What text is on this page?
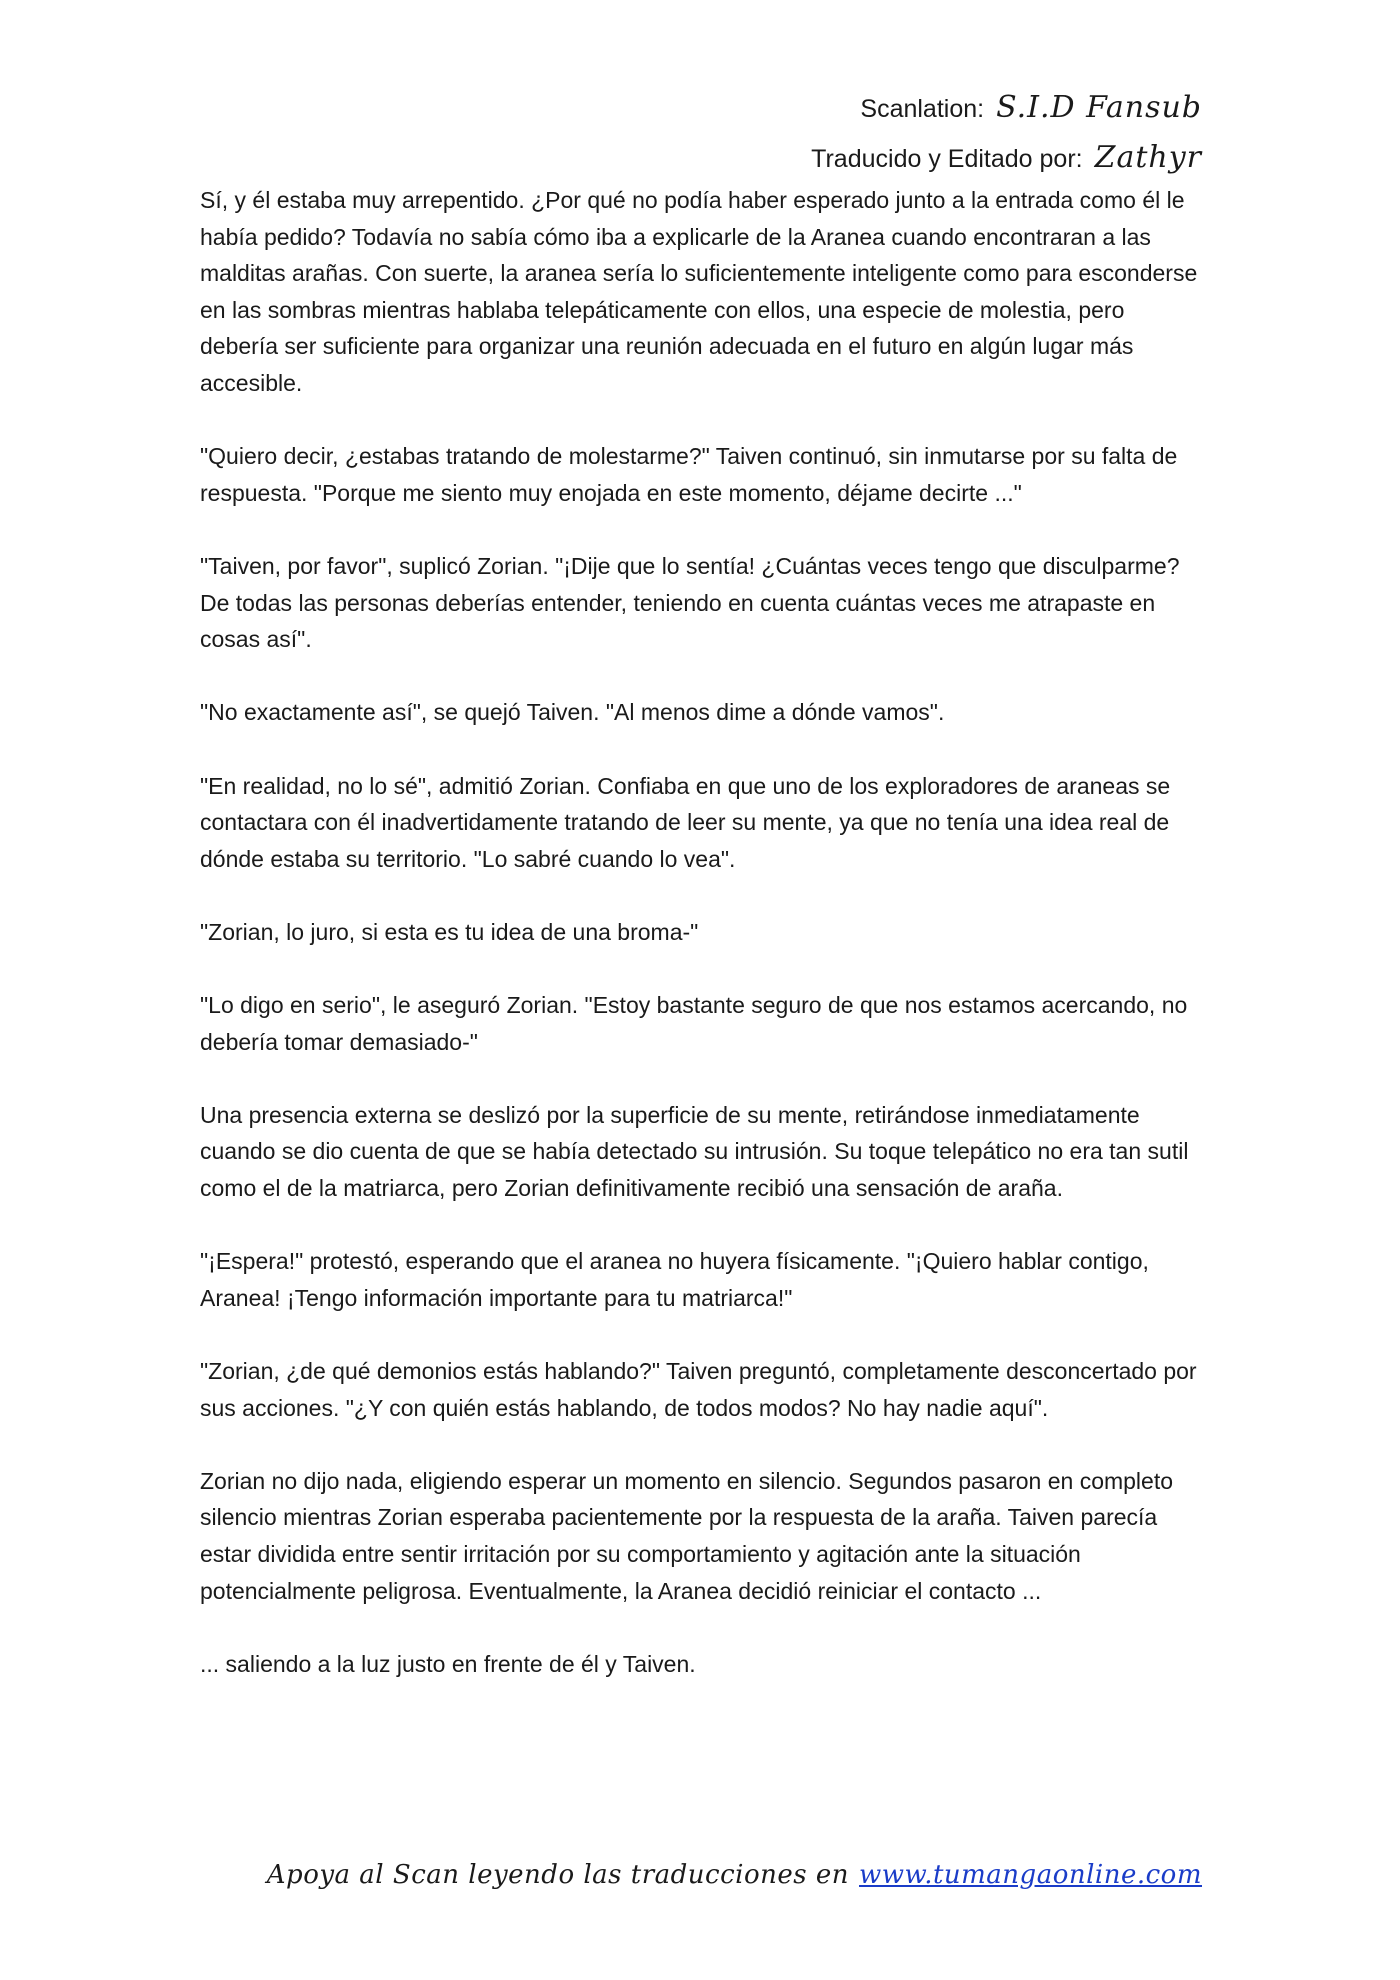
Scanlation: S.I.D Fansub
Traducido y Editado por: Zathyr

Sí, y él estaba muy arrepentido. ¿Por qué no podía haber esperado junto a la entrada como él le había pedido? Todavía no sabía cómo iba a explicarle de la Aranea cuando encontraran a las malditas arañas. Con suerte, la aranea sería lo suficientemente inteligente como para esconderse en las sombras mientras hablaba telepáticamente con ellos, una especie de molestia, pero debería ser suficiente para organizar una reunión adecuada en el futuro en algún lugar más accesible.

"Quiero decir, ¿estabas tratando de molestarme?" Taiven continuó, sin inmutarse por su falta de respuesta. "Porque me siento muy enojada en este momento, déjame decirte ..."

"Taiven, por favor", suplicó Zorian. "¡Dije que lo sentía! ¿Cuántas veces tengo que disculparme? De todas las personas deberías entender, teniendo en cuenta cuántas veces me atrapaste en cosas así".

"No exactamente así", se quejó Taiven. "Al menos dime a dónde vamos".

"En realidad, no lo sé", admitió Zorian. Confiaba en que uno de los exploradores de araneas se contactara con él inadvertidamente tratando de leer su mente, ya que no tenía una idea real de dónde estaba su territorio. "Lo sabré cuando lo vea".

"Zorian, lo juro, si esta es tu idea de una broma-"

"Lo digo en serio", le aseguró Zorian. "Estoy bastante seguro de que nos estamos acercando, no debería tomar demasiado-"

Una presencia externa se deslizó por la superficie de su mente, retirándose inmediatamente cuando se dio cuenta de que se había detectado su intrusión. Su toque telepático no era tan sutil como el de la matriarca, pero Zorian definitivamente recibió una sensación de araña.

"¡Espera!" protestó, esperando que el aranea no huyera físicamente. "¡Quiero hablar contigo, Aranea! ¡Tengo información importante para tu matriarca!"

"Zorian, ¿de qué demonios estás hablando?" Taiven preguntó, completamente desconcertado por sus acciones. "¿Y con quién estás hablando, de todos modos? No hay nadie aquí".

Zorian no dijo nada, eligiendo esperar un momento en silencio. Segundos pasaron en completo silencio mientras Zorian esperaba pacientemente por la respuesta de la araña. Taiven parecía estar dividida entre sentir irritación por su comportamiento y agitación ante la situación potencialmente peligrosa. Eventualmente, la Aranea decidió reiniciar el contacto ...

... saliendo a la luz justo en frente de él y Taiven.

Apoya al Scan leyendo las traducciones en www.tumangaonline.com
